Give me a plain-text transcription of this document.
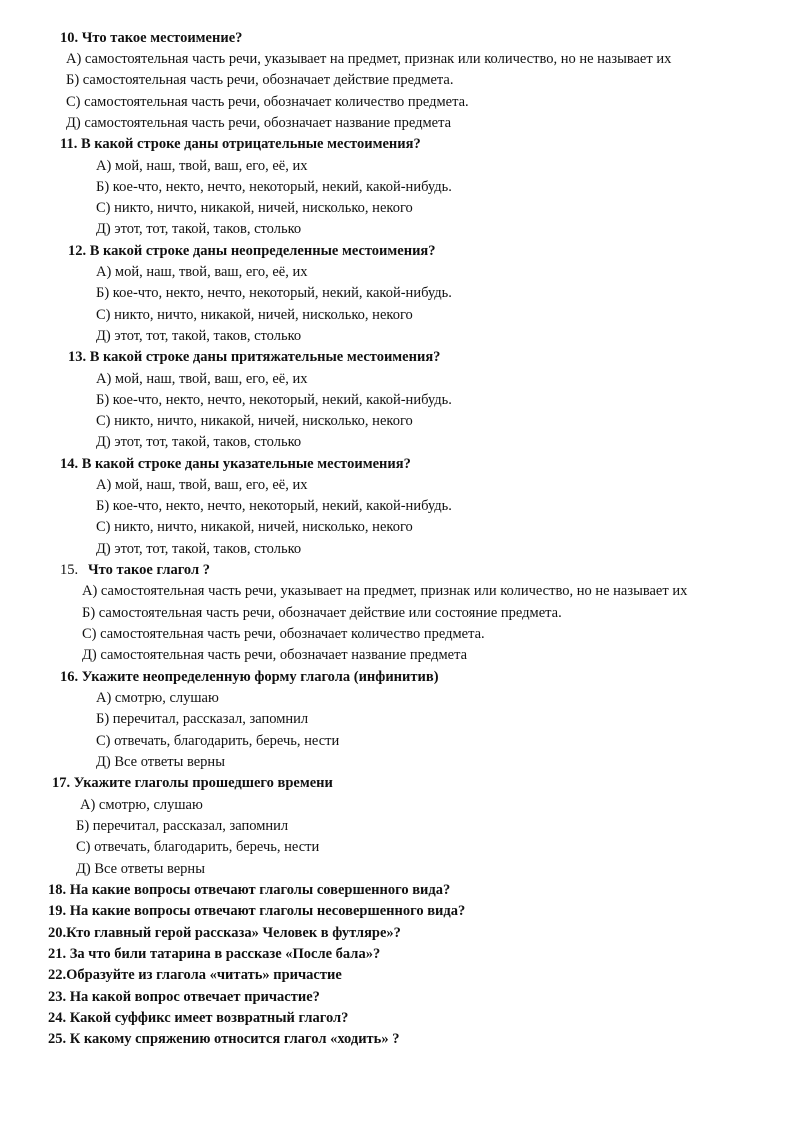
10. Что такое местоимение?
А) самостоятельная часть речи, указывает на предмет, признак или количество, но не называет их
Б) самостоятельная часть речи, обозначает действие предмета.
С) самостоятельная часть речи, обозначает количество предмета.
Д) самостоятельная часть речи, обозначает название предмета
11. В какой строке даны отрицательные местоимения?
А) мой, наш, твой, ваш, его, её, их
Б) кое-что, некто, нечто, некоторый, некий, какой-нибудь.
С) никто, ничто, никакой, ничей, нисколько, некого
Д) этот, тот, такой, таков, столько
12. В какой строке даны неопределенные местоимения?
А) мой, наш, твой, ваш, его, её, их
Б) кое-что, некто, нечто, некоторый, некий, какой-нибудь.
С) никто, ничто, никакой, ничей, нисколько, некого
Д) этот, тот, такой, таков, столько
13. В какой строке даны притяжательные местоимения?
А) мой, наш, твой, ваш, его, её, их
Б) кое-что, некто, нечто, некоторый, некий, какой-нибудь.
С) никто, ничто, никакой, ничей, нисколько, некого
Д) этот, тот, такой, таков, столько
14. В какой строке даны указательные местоимения?
А) мой, наш, твой, ваш, его, её, их
Б) кое-что, некто, нечто, некоторый, некий, какой-нибудь.
С) никто, ничто, никакой, ничей, нисколько, некого
Д) этот, тот, такой, таков, столько
15. Что такое глагол ?
А) самостоятельная часть речи, указывает на предмет, признак или количество, но не называет их
Б) самостоятельная часть речи, обозначает действие или состояние предмета.
С) самостоятельная часть речи, обозначает количество предмета.
Д) самостоятельная часть речи, обозначает название предмета
16. Укажите неопределенную форму глагола (инфинитив)
А) смотрю, слушаю
Б) перечитал, рассказал, запомнил
С) отвечать, благодарить, беречь, нести
Д) Все ответы верны
17. Укажите глаголы прошедшего времени
А) смотрю, слушаю
Б) перечитал, рассказал, запомнил
С) отвечать, благодарить, беречь, нести
Д) Все ответы верны
18. На какие вопросы отвечают глаголы совершенного вида?
19. На какие вопросы отвечают глаголы несовершенного вида?
20.Кто главный герой рассказа» Человек в футляре»?
21. За что били татарина в рассказе «После бала»?
22.Образуйте из глагола «читать» причастие
23. На какой вопрос отвечает причастие?
24. Какой суффикс имеет возвратный глагол?
25. К какому спряжению относится глагол «ходить» ?
